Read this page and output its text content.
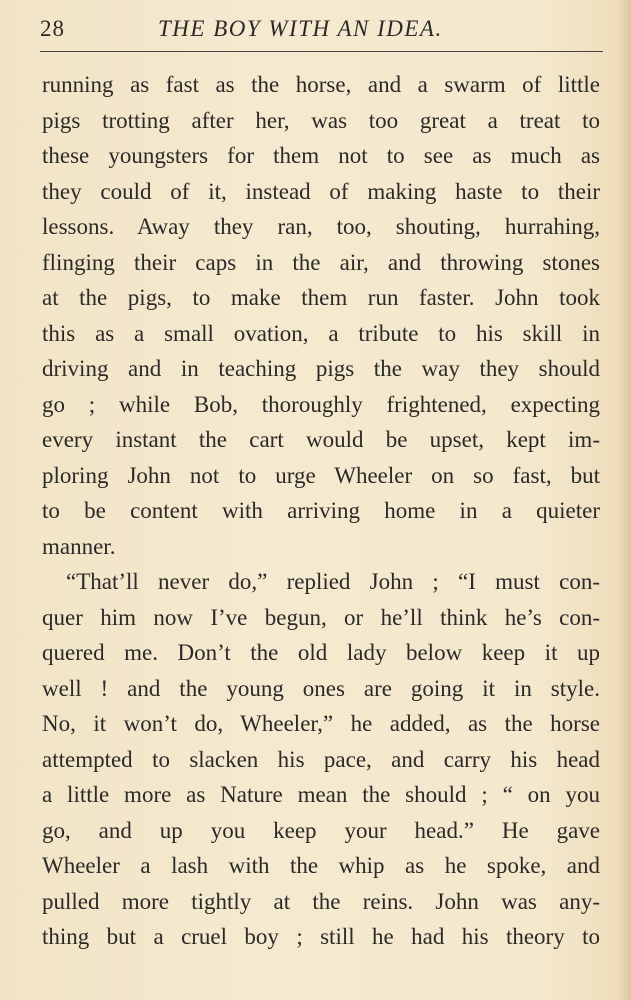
28	THE BOY WITH AN IDEA.
running as fast as the horse, and a swarm of little
pigs trotting after her, was too great a treat to
these youngsters for them not to see as much as
they could of it, instead of making haste to their
lessons. Away they ran, too, shouting, hurrahing,
flinging their caps in the air, and throwing stones
at the pigs, to make them run faster. John took
this as a small ovation, a tribute to his skill in
driving and in teaching pigs the way they should
go ; while Bob, thoroughly frightened, expecting
every instant the cart would be upset, kept im-
ploring John not to urge Wheeler on so fast, but
to be content with arriving home in a quieter
manner.
“That’ll never do,” replied John ; “I must con-
quer him now I’ve begun, or he’ll think he’s con-
quered me. Don’t the old lady below keep it up
well ! and the young ones are going it in style.
No, it won’t do, Wheeler,” he added, as the horse
attempted to slacken his pace, and carry his head
a little more as Nature mean the should ; “ on you
go, and up you keep your head.” He gave
Wheeler a lash with the whip as he spoke, and
pulled more tightly at the reins. John was any-
thing but a cruel boy ; still he had his theory to
